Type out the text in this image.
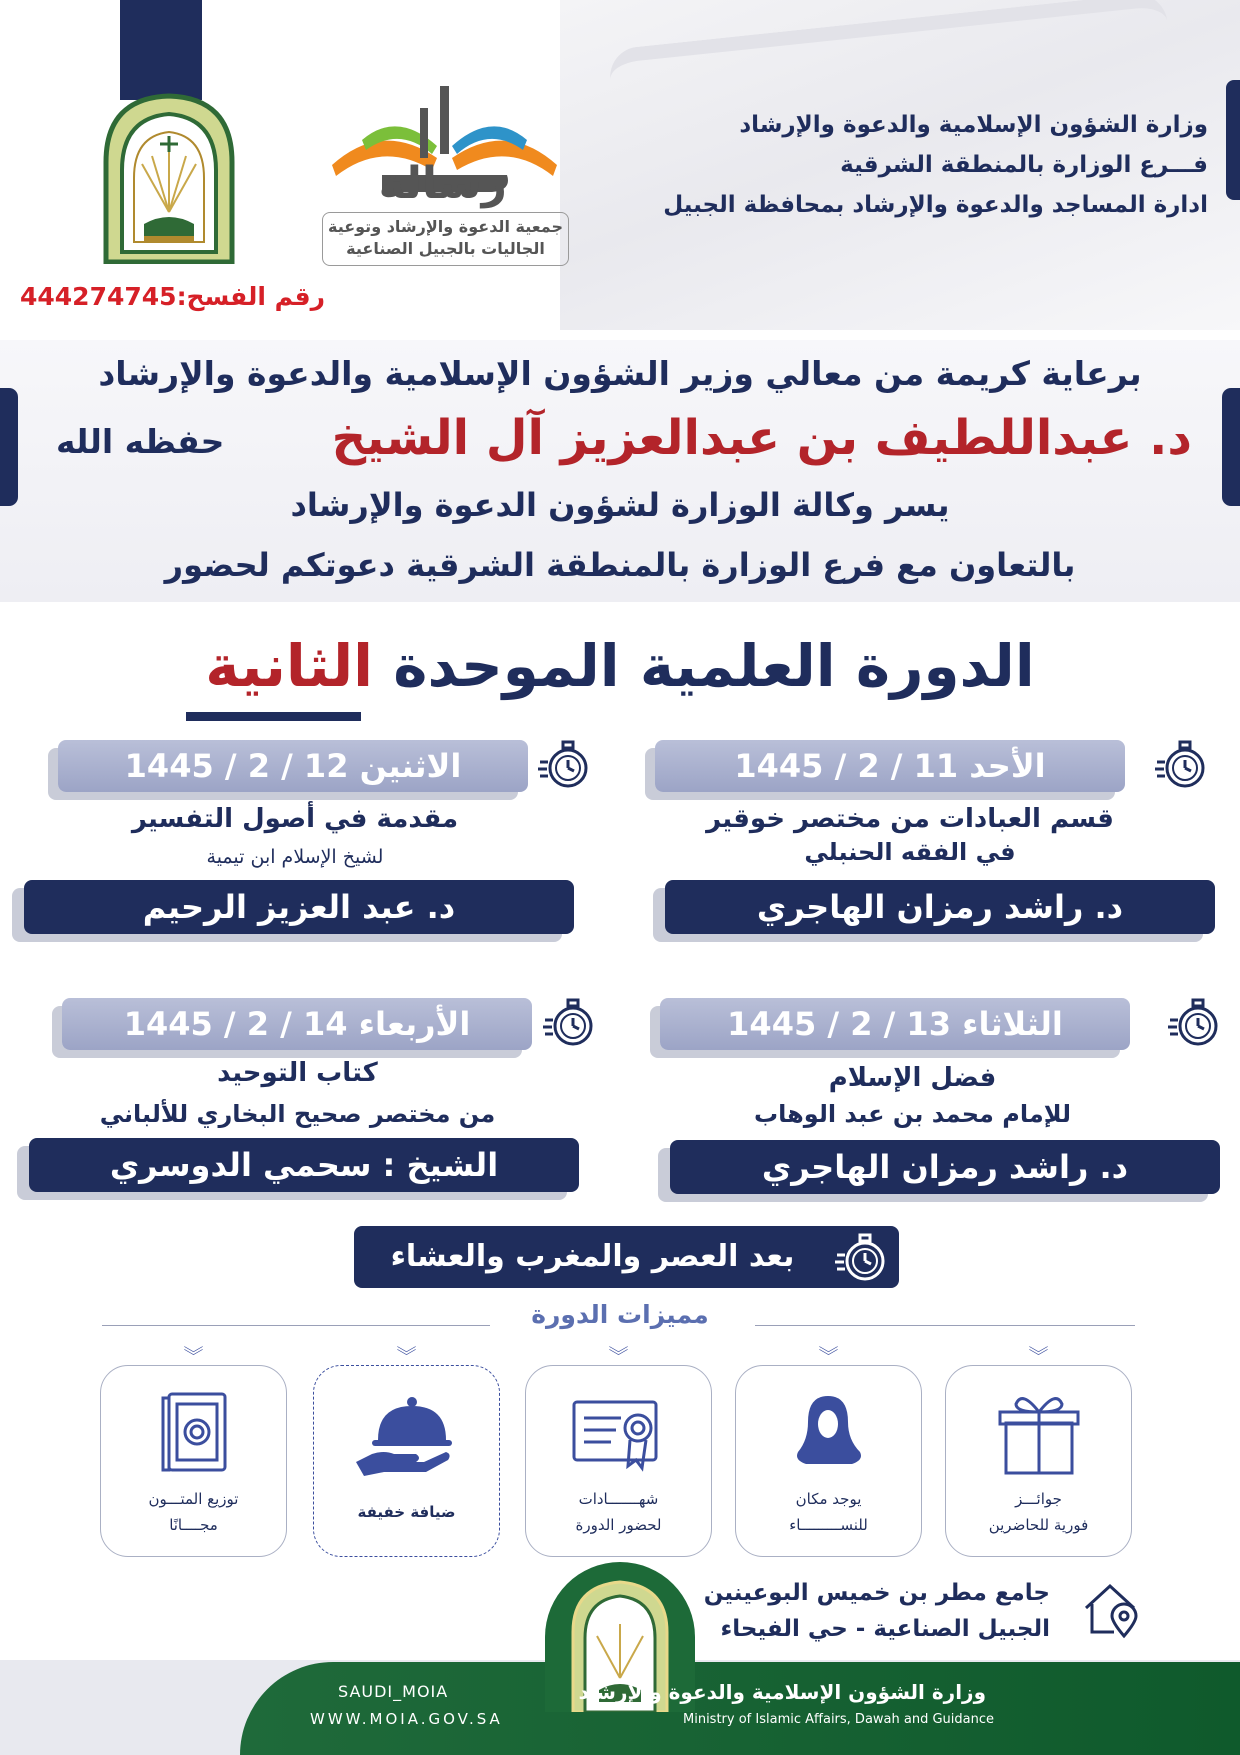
رسالة
جمعية الدعوة والإرشاد وتوعية
الجاليات بالجبيل الصناعية
وزارة الشؤون الإسلامية والدعوة والإرشاد
فـــرع الوزارة بالمنطقة الشرقية
ادارة المساجد والدعوة والإرشاد بمحافظة الجبيل
رقم الفسح:444274745
برعاية كريمة من معالي وزير الشؤون الإسلامية والدعوة والإرشاد
د. عبداللطيف بن عبدالعزيز آل الشيخ
حفظه الله
يسر وكالة الوزارة لشؤون الدعوة والإرشاد
بالتعاون مع فرع الوزارة بالمنطقة الشرقية دعوتكم لحضور
الدورة العلمية الموحدة الثانية
الأحد 11 / 2 / 1445
قسم العبادات من مختصر خوقير
في الفقه الحنبلي
د. راشد رمزان الهاجري
الاثنين 12 / 2 / 1445
مقدمة في أصول التفسير
لشيخ الإسلام ابن تيمية
د. عبد العزيز الرحيم
الثلاثاء 13 / 2 / 1445
فضل الإسلام
للإمام محمد بن عبد الوهاب
د. راشد رمزان الهاجري
الأربعاء 14 / 2 / 1445
كتاب التوحيد
من مختصر صحيح البخاري للألباني
الشيخ : سحمي الدوسري
بعد العصر والمغرب والعشاء
مميزات الدورة
︾
جوائـــز
فورية للحاضرين
︾
يوجد مكان
للنســـــــــاء
︾
شهـــــــادات
لحضور الدورة
︾
ضيافة خفيفة
︾
توزيع المتـــون
مجــــانًا
جامع مطر بن خميس البوعينين
الجبيل الصناعية - حي الفيحاء
وزارة الشؤون الإسلامية والدعوة والإرشاد
Ministry of Islamic Affairs, Dawah and Guidance
SAUDI_MOIA
WWW.MOIA.GOV.SA
